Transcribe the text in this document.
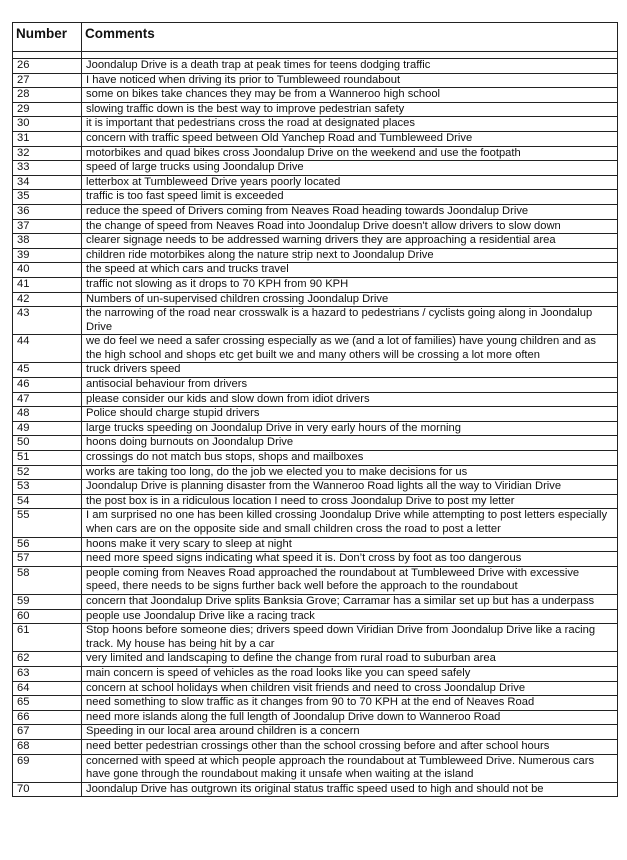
Number	Comments

26	Joondalup Drive is a death trap at peak times for teens dodging traffic
27	I have noticed when driving its prior to Tumbleweed roundabout
28	some on bikes take chances they may be from a Wanneroo high school
29	slowing traffic down is the best way to improve pedestrian safety
30	it is important that pedestrians cross the road at designated places
31	concern with traffic speed between Old Yanchep Road and Tumbleweed Drive
32	motorbikes and quad bikes cross Joondalup Drive on the weekend and use the footpath
33	speed of large trucks using Joondalup Drive
34	letterbox at Tumbleweed Drive years poorly located
35	traffic is too fast speed limit is exceeded
36	reduce the speed of Drivers coming from Neaves Road heading towards Joondalup Drive
37	the change of speed from Neaves Road into Joondalup Drive doesn't allow drivers to slow down
38	clearer signage needs to be addressed warning drivers they are approaching a residential area
39	children ride motorbikes along the nature strip next to Joondalup Drive
40	the speed at which cars and trucks travel
41	traffic not slowing as it drops to 70 KPH from 90 KPH
42	Numbers of un-supervised children crossing Joondalup Drive
43	the narrowing of the road near crosswalk is a hazard to pedestrians / cyclists going along in Joondalup Drive
44	we do feel we need a safer crossing especially as we (and a lot of families) have young children and as the high school and shops etc get built we and many others will be crossing a lot more often
45	truck drivers speed
46	antisocial behaviour from drivers
47	please consider our kids and slow down from idiot drivers
48	Police should charge stupid drivers
49	large trucks speeding on Joondalup Drive in very early hours of the morning
50	hoons doing burnouts on Joondalup Drive
51	crossings do not match bus stops, shops and mailboxes
52	works are taking too long, do the job we elected you to make decisions for us
53	Joondalup Drive is planning disaster from the Wanneroo Road lights all the way to Viridian Drive
54	the post box is in a ridiculous location I need to cross Joondalup Drive to post my letter
55	I am surprised no one has been killed crossing Joondalup Drive while attempting to post letters especially when cars are on the opposite side and small children cross the road to post a letter
56	hoons make it very scary to sleep at night
57	need more speed signs indicating what speed it is. Don’t cross by foot as too dangerous
58	people coming from Neaves Road approached the roundabout at Tumbleweed Drive with excessive speed, there needs to be signs further back well before the approach to the roundabout
59	concern that Joondalup Drive splits Banksia Grove; Carramar has a similar set up but has a underpass
60	people use Joondalup Drive like a racing track
61	Stop hoons before someone dies; drivers speed down Viridian Drive from Joondalup Drive like a racing track. My house has being hit by a car
62	very limited and landscaping to define the change from rural road to suburban area
63	main concern is speed of vehicles as the road looks like you can speed safely
64	concern at school holidays when children visit friends and need to cross Joondalup Drive
65	need something to slow traffic as it changes from 90 to 70 KPH at the end of Neaves Road
66	need more islands along the full length of Joondalup Drive down to Wanneroo Road
67	Speeding in our local area around children is a concern
68	need better pedestrian crossings other than the school crossing before and after school hours
69	concerned with speed at which people approach the roundabout at Tumbleweed Drive. Numerous cars have gone through the roundabout making it unsafe when waiting at the island
70	Joondalup Drive has outgrown its original status traffic speed used to high and should not be
